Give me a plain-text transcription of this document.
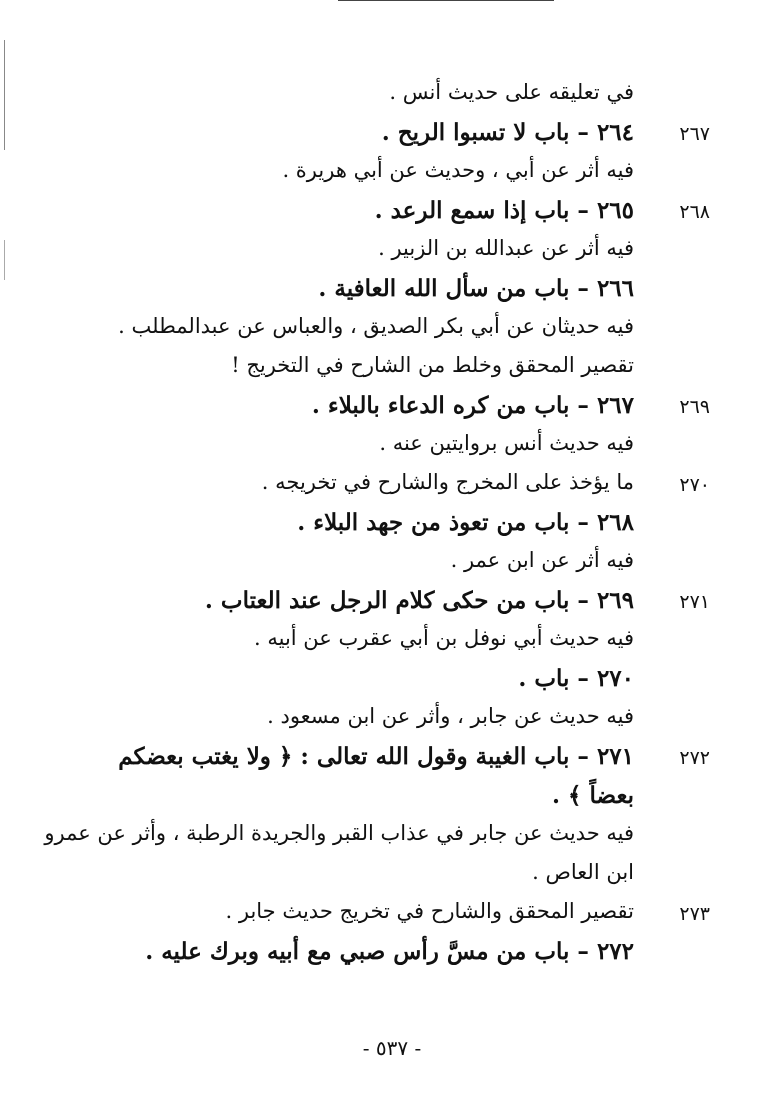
في تعليقه على حديث أنس .
٢٦٧
٢٦٤ – باب لا تسبوا الريح .
فيه أثر عن أبي ، وحديث عن أبي هريرة .
٢٦٨
٢٦٥ – باب إذا سمع الرعد .
فيه أثر عن عبدالله بن الزبير .
٢٦٦ – باب من سأل الله العافية .
فيه حديثان عن أبي بكر الصديق ، والعباس عن عبدالمطلب .
تقصير المحقق وخلط من الشارح في التخريج !
٢٦٩
٢٦٧ – باب من كره الدعاء بالبلاء .
فيه حديث أنس بروايتين عنه .
٢٧٠
ما يؤخذ على المخرج والشارح في تخريجه .
٢٦٨ – باب من تعوذ من جهد البلاء .
فيه أثر عن ابن عمر .
٢٧١
٢٦٩ – باب من حكى كلام الرجل عند العتاب .
فيه حديث أبي نوفل بن أبي عقرب عن أبيه .
٢٧٠ – باب .
فيه حديث عن جابر ، وأثر عن ابن مسعود .
٢٧٢
٢٧١ – باب الغيبة وقول الله تعالى : ﴿ ولا يغتب بعضكم
بعضاً ﴾ .
فيه حديث عن جابر في عذاب القبر والجريدة الرطبة ، وأثر عن عمرو
ابن العاص .
٢٧٣
تقصير المحقق والشارح في تخريج حديث جابر .
٢٧٢ – باب من مسَّ رأس صبي مع أبيه وبرك عليه .
- ٥٣٧ -
